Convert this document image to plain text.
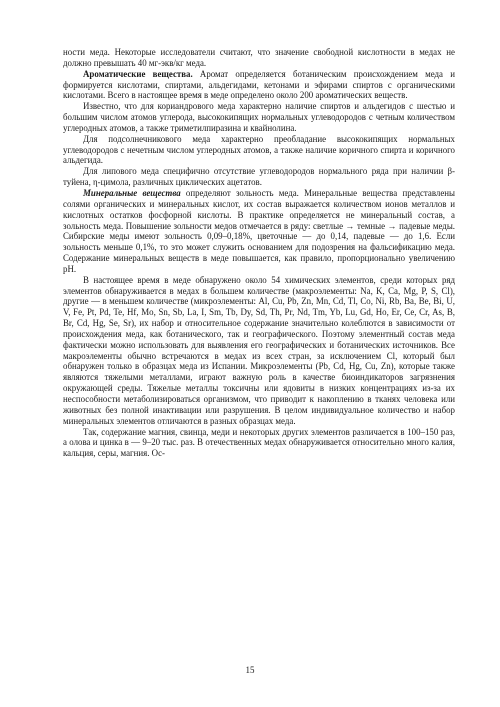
ности меда. Некоторые исследователи считают, что значение свободной кислотности в медах не должно превышать 40 мг-экв/кг меда.

Ароматические вещества. Аромат определяется ботаническим происхождением меда и формируется кислотами, спиртами, альдегидами, кетонами и эфирами спиртов с органическими кислотами. Всего в настоящее время в меде определено около 200 ароматических веществ.

Известно, что для кориандрового меда характерно наличие спиртов и альдегидов с шестью и большим числом атомов углерода, высококипящих нормальных углеводородов с четным количеством углеродных атомов, а также триметилпиразина и квайнолина.

Для подсолнечникового меда характерно преобладание высококипящих нормальных углеводородов с нечетным числом углеродных атомов, а также наличие коричного спирта и коричного альдегида.

Для липового меда специфично отсутствие углеводородов нормального ряда при наличии β-туйена, η-цимола, различных циклических ацетатов.

Минеральные вещества определяют зольность меда. Минеральные вещества представлены солями органических и минеральных кислот, их состав выражается количеством ионов металлов и кислотных остатков фосфорной кислоты. В практике определяется не минеральный состав, а зольность меда. Повышение зольности медов отмечается в ряду: светлые → темные → падевые меды. Сибирские меды имеют зольность 0,09–0,18%, цветочные — до 0,14, падевые — до 1,6. Если зольность меньше 0,1%, то это может служить основанием для подозрения на фальсификацию меда. Содержание минеральных веществ в меде повышается, как правило, пропорционально увеличению pH.

В настоящее время в меде обнаружено около 54 химических элементов, среди которых ряд элементов обнаруживается в медах в большем количестве (макроэлементы: Na, K, Ca, Mg, P, S, Cl), другие — в меньшем количестве (микроэлементы: Al, Cu, Pb, Zn, Mn, Cd, Tl, Co, Ni, Rb, Ba, Be, Bi, U, V, Fe, Pt, Pd, Te, Hf, Mo, Sn, Sb, La, I, Sm, Tb, Dy, Sd, Th, Pr, Nd, Tm, Yb, Lu, Gd, Ho, Er, Ce, Cr, As, B, Br, Cd, Hg, Se, Sr), их набор и относительное содержание значительно колеблются в зависимости от происхождения меда, как ботанического, так и географического. Поэтому элементный состав меда фактически можно использовать для выявления его географических и ботанических источников. Все макроэлементы обычно встречаются в медах из всех стран, за исключением Cl, который был обнаружен только в образцах меда из Испании. Микроэлементы (Pb, Cd, Hg, Cu, Zn), которые также являются тяжелыми металлами, играют важную роль в качестве биоиндикаторов загрязнения окружающей среды. Тяжелые металлы токсичны или ядовиты в низких концентрациях из-за их неспособности метаболизироваться организмом, что приводит к накоплению в тканях человека или животных без полной инактивации или разрушения. В целом индивидуальное количество и набор минеральных элементов отличаются в разных образцах меда.

Так, содержание магния, свинца, меди и некоторых других элементов различается в 100–150 раз, а олова и цинка в — 9–20 тыс. раз. В отечественных медах обнаруживается относительно много калия, кальция, серы, магния. Ос-

15
